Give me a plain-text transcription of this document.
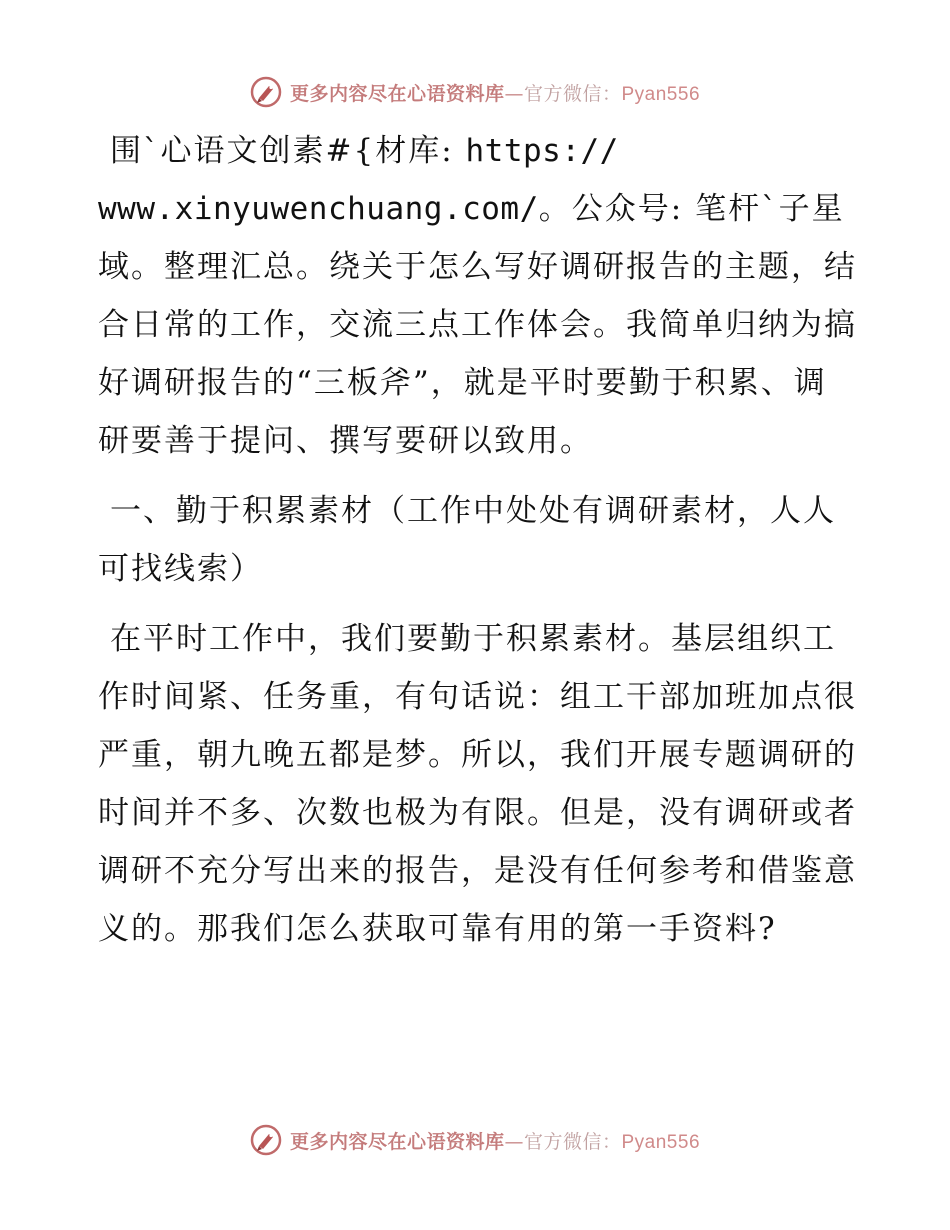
更多内容尽在心语资料库—官方微信：Pyan556

围`心语文创素#{材库: https://
www.xinyuwenchuang.com/。公众号: 笔杆`子星域。整理汇总。绕关于怎么写好调研报告的主题，结合日常的工作，交流三点工作体会。我简单归纳为搞好调研报告的“三板斧”，就是平时要勤于积累、调研要善于提问、撰写要研以致用。

一、勤于积累素材（工作中处处有调研素材，人人可找线索）

在平时工作中，我们要勤于积累素材。基层组织工作时间紧、任务重，有句话说：组工干部加班加点很严重，朝九晚五都是梦。所以，我们开展专题调研的时间并不多、次数也极为有限。但是，没有调研或者调研不充分写出来的报告，是没有任何参考和借鉴意义的。那我们怎么获取可靠有用的第一手资料?

更多内容尽在心语资料库—官方微信：Pyan556
